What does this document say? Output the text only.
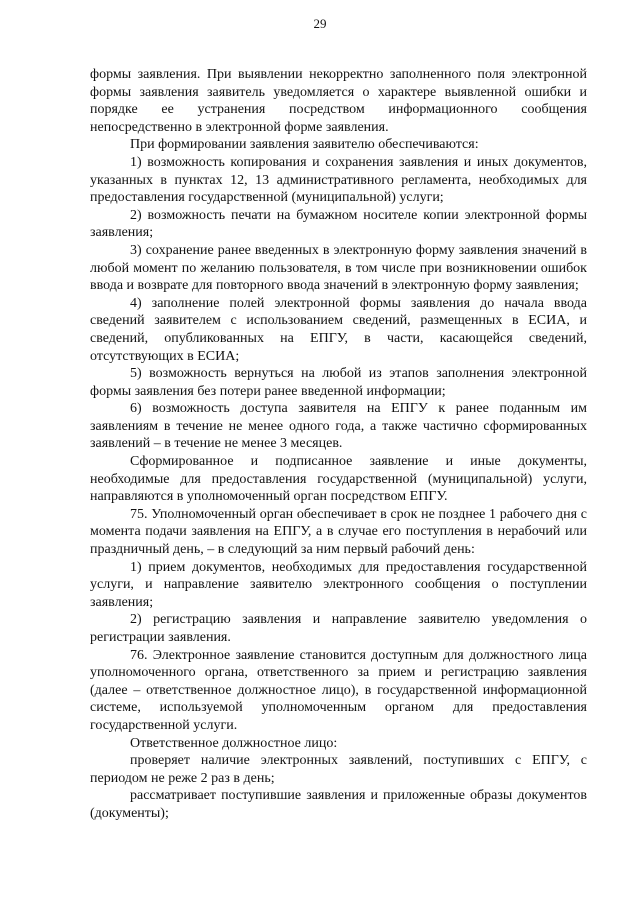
29

формы заявления. При выявлении некорректно заполненного поля электронной формы заявления заявитель уведомляется о характере выявленной ошибки и порядке ее устранения посредством информационного сообщения непосредственно в электронной форме заявления.

При формировании заявления заявителю обеспечиваются:

1) возможность копирования и сохранения заявления и иных документов, указанных в пунктах 12, 13 административного регламента, необходимых для предоставления государственной (муниципальной) услуги;

2) возможность печати на бумажном носителе копии электронной формы заявления;

3) сохранение ранее введенных в электронную форму заявления значений в любой момент по желанию пользователя, в том числе при возникновении ошибок ввода и возврате для повторного ввода значений в электронную форму заявления;

4) заполнение полей электронной формы заявления до начала ввода сведений заявителем с использованием сведений, размещенных в ЕСИА, и сведений, опубликованных на ЕПГУ, в части, касающейся сведений, отсутствующих в ЕСИА;

5) возможность вернуться на любой из этапов заполнения электронной формы заявления без потери ранее введенной информации;

6) возможность доступа заявителя на ЕПГУ к ранее поданным им заявлениям в течение не менее одного года, а также частично сформированных заявлений – в течение не менее 3 месяцев.

Сформированное и подписанное заявление и иные документы, необходимые для предоставления государственной (муниципальной) услуги, направляются в уполномоченный орган посредством ЕПГУ.

75. Уполномоченный орган обеспечивает в срок не позднее 1 рабочего дня с момента подачи заявления на ЕПГУ, а в случае его поступления в нерабочий или праздничный день, – в следующий за ним первый рабочий день:

1) прием документов, необходимых для предоставления государственной услуги, и направление заявителю электронного сообщения о поступлении заявления;

2) регистрацию заявления и направление заявителю уведомления о регистрации заявления.

76. Электронное заявление становится доступным для должностного лица уполномоченного органа, ответственного за прием и регистрацию заявления (далее – ответственное должностное лицо), в государственной информационной системе, используемой уполномоченным органом для предоставления государственной услуги.

Ответственное должностное лицо:

проверяет наличие электронных заявлений, поступивших с ЕПГУ, с периодом не реже 2 раз в день;

рассматривает поступившие заявления и приложенные образы документов (документы);
